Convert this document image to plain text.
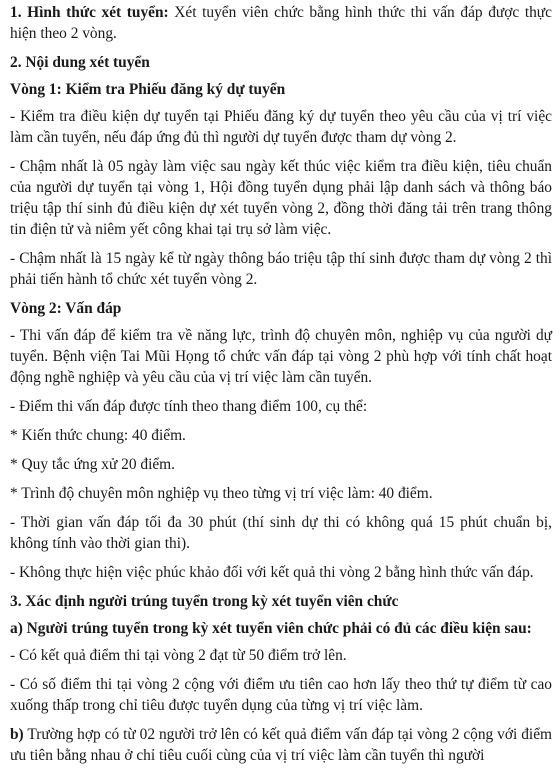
1. Hình thức xét tuyển: Xét tuyển viên chức bằng hình thức thi vấn đáp được thực hiện theo 2 vòng.

2. Nội dung xét tuyển

Vòng 1: Kiểm tra Phiếu đăng ký dự tuyển

- Kiểm tra điều kiện dự tuyển tại Phiếu đăng ký dự tuyển theo yêu cầu của vị trí việc làm cần tuyển, nếu đáp ứng đủ thì người dự tuyển được tham dự vòng 2.

- Chậm nhất là 05 ngày làm việc sau ngày kết thúc việc kiểm tra điều kiện, tiêu chuẩn của người dự tuyển tại vòng 1, Hội đồng tuyển dụng phải lập danh sách và thông báo triệu tập thí sinh đủ điều kiện dự xét tuyển vòng 2, đồng thời đăng tải trên trang thông tin điện tử và niêm yết công khai tại trụ sở làm việc.

- Chậm nhất là 15 ngày kể từ ngày thông báo triệu tập thí sinh được tham dự vòng 2 thì phải tiến hành tổ chức xét tuyển vòng 2.

Vòng 2: Vấn đáp

- Thi vấn đáp để kiểm tra về năng lực, trình độ chuyên môn, nghiệp vụ của người dự tuyển. Bệnh viện Tai Mũi Họng tổ chức vấn đáp tại vòng 2 phù hợp với tính chất hoạt động nghề nghiệp và yêu cầu của vị trí việc làm cần tuyển.

- Điểm thi vấn đáp được tính theo thang điểm 100, cụ thể:

* Kiến thức chung: 40 điểm.

* Quy tắc ứng xử 20 điểm.

* Trình độ chuyên môn nghiệp vụ theo từng vị trí việc làm: 40 điểm.

- Thời gian vấn đáp tối đa 30 phút (thí sinh dự thi có không quá 15 phút chuẩn bị, không tính vào thời gian thi).

- Không thực hiện việc phúc khảo đối với kết quả thi vòng 2 bằng hình thức vấn đáp.

3. Xác định người trúng tuyển trong kỳ xét tuyển viên chức

a) Người trúng tuyển trong kỳ xét tuyển viên chức phải có đủ các điều kiện sau:

- Có kết quả điểm thi tại vòng 2 đạt từ 50 điểm trở lên.

- Có số điểm thi tại vòng 2 cộng với điểm ưu tiên cao hơn lấy theo thứ tự điểm từ cao xuống thấp trong chỉ tiêu được tuyển dụng của từng vị trí việc làm.

b) Trường hợp có từ 02 người trở lên có kết quả điểm vấn đáp tại vòng 2 cộng với điểm ưu tiên bằng nhau ở chỉ tiêu cuối cùng của vị trí việc làm cần tuyển thì người
